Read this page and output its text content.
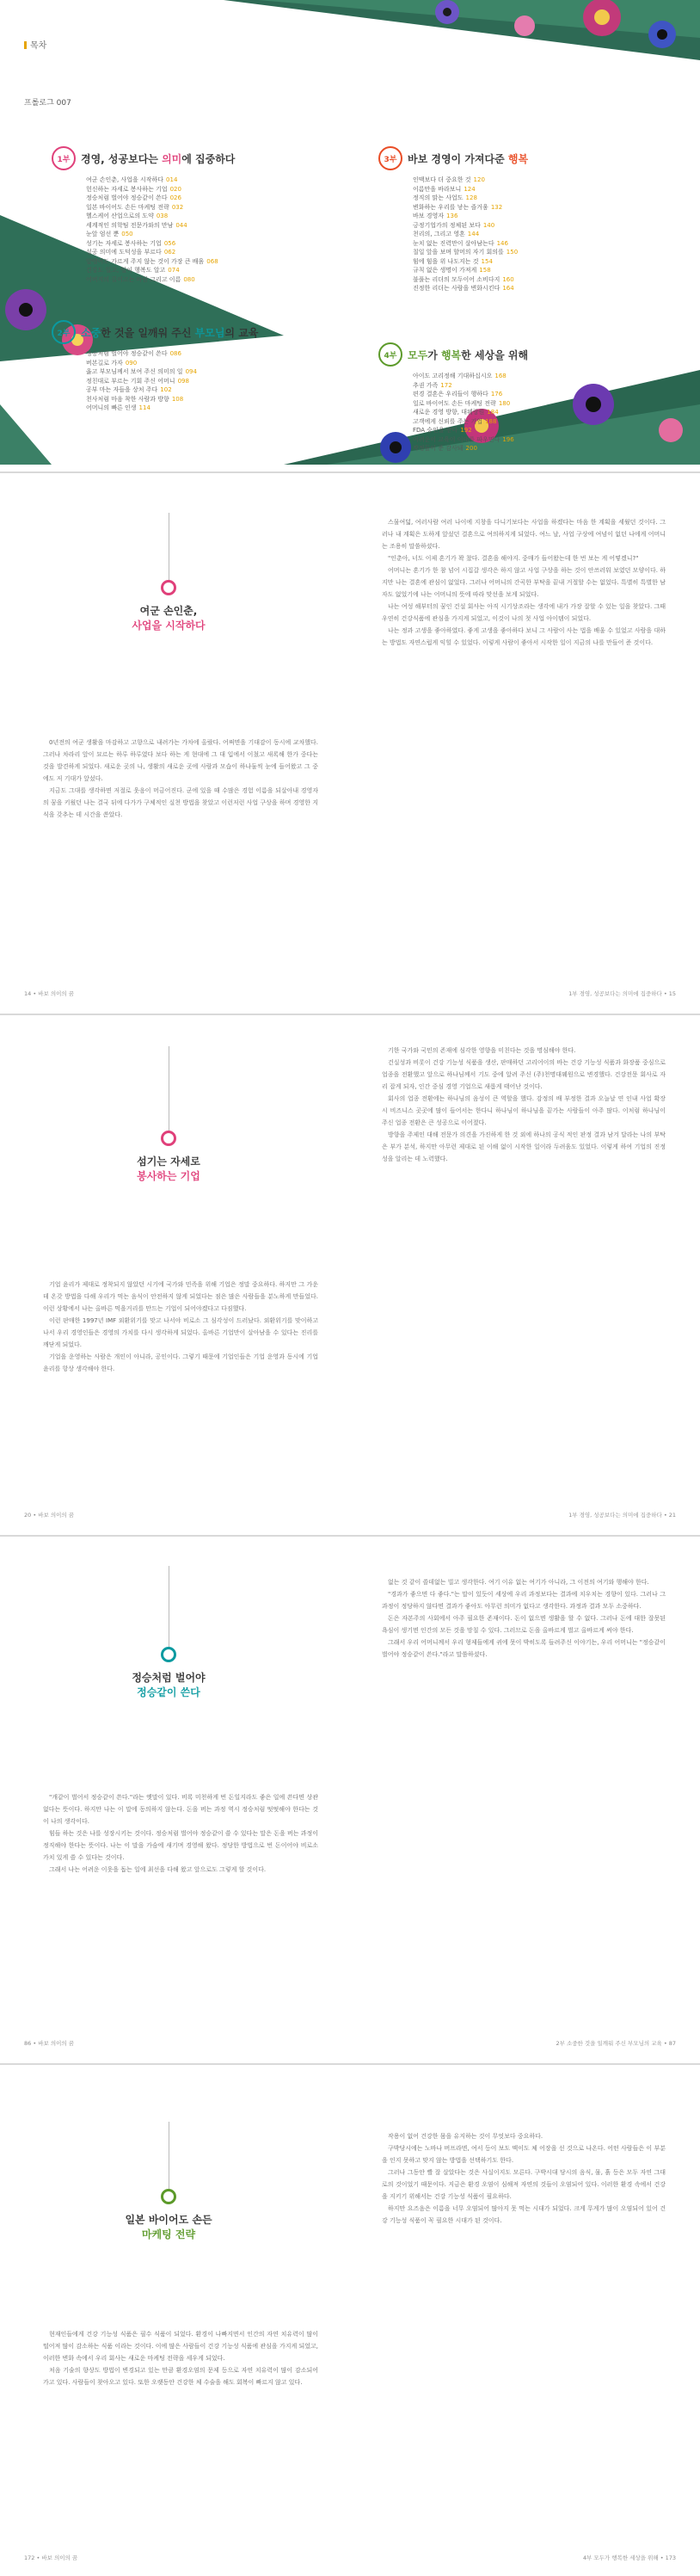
목차
프롤로그 007
1부	경영, 성공보다는 의미에 집중하다
여군 손인춘, 사업을 시작하다 014
헌신하는 자세로 봉사하는 기업 020
정승처럼 벌어야 정승같이 쓴다 026
일본 바이어도 손든 마케팅 전략 032
헬스케어 산업으로의 도약 038
세계적인 의학팀 전문가와의 만남 044
눈앞 엄선 뿐 050
성기는 자세로 봉사하는 기업 056
성공 의미에 도덕성을 부르다 062
알맹이도 가르게 주지 않는 것이 가장 큰 배움 068
건강도 일고, 일이 행복도 알고 074
어버지의 길이고는 바람 그리고 이름 080
2부	소중한 것을 일깨워 주신 부모님의 교육
정승처럼 벌어야 정승같이 쓴다 086
버본길로 가자 090
옳고 부모님께서 보여 주신 의미의 일 094
정친대로 부르는 기회 주신 어머니 098
공부 마는 자들을 상처 주다 102
천사처럼 마음 착한 사람과 방향 108
어머니의 빠른 인생 114
3부	바보 경영이 가져다준 행복
인맥보다 더 중요한 것 120
이름만을 바라보니 124
정직의 맑는 사업도 128
변화하는 우리를 낳는 즐거움 132
바보 경영자 136
긍정기업가의 정체된 보다 140
천리의, 그리고 영혼 144
눈치 없는 진력만이 살아남는다 146
칠일 앞을 보며 할머의 자기 회의를 150
힘에 힘을 위 나도지는 것 154
규칙 없은 생명이 가져게 158
불풀는 리더의 모두이어 소비다지 160
진정한 리더는 사람을 변화시킨다 164
4부	모두가 행복한 세상을 위해
아이도 고리정해 기대하십시오 168
추권 가족 172
편경 결혼은 우리들이 행하다 176
일로 바이어도 손든 마케팅 전략 180
새로운 경영 방향, 대웨랑원 184
고객에게 신뢰를 주는 기업 188
FDA 승인을 받다 192
어려운이 교육이 이태를 파우면다 196
작정들이 준 감사돼 200
여군 손인춘,
사업을 시작하다

0년전의 여군 생활을 마감하고 고향으로 내려가는 가차에 올랐다. 어쩌면을 기대감이 동시에 교차했다. 그러나 차라리 앞이 묘르는 하루 하루였다 보다 하는 게 현대에 그 대 입에서 이쳤고 새록해 한가 중다는 것을 발견하게 되었다. 새로운 곳의 나, 생활의 새로운 곳에 사람과 모습이 하나둘씩 눈에 들어왔고 그 중에도 저 기대가 앞섰다.

지금도 그대를 생각하면 저절로 웃음이 머금어진다. 군에 있을 때 수많은 경험 이름을 되살아내 경영자의 꿈을 키웠던 나는 결국 뒤에 다가가 구체적인 실천 방법을 찾았고 이런저런 사업 구상을 하며 경영한 지식을 갖추는 데 시간을 쏟았다.

스물여덟, 여러사람 여러 나이에 지창을 다니기보다는 사업을 하겠다는 마음 한 계획을 세웠던 것이다. 그러나 내 계획은 도하게 앞섰던 결혼으로 여의하지게 되었다. 여느 날, 사업 구상에 여념이 없던 나에게 어머니는 조용히 말씀하셨다.

"인춘아, 너도 이제 혼기가 꽉 찼다. 결혼을 해야지. 중매가 들어왔는데 한 번 보는 게 어떻겠니?"

어머니는 혼기가 한 참 넘어 시집갈 생각은 하지 않고 사업 구상을 하는 것이 안쓰러워 보였던 모양이다. 하지만 나는 결혼에 관심이 없었다. 그러나 어머니의 간곡한 부탁을 끝내 거절할 수는 없었다. 특별히 특별한 남자도 없었기에 나는 어머니의 뜻에 따라 맞선을 보게 되었다.

나는 여성 해부터의 꿈인 건설 회사는 아직 시기상조라는 생각에 내가 가장 잘할 수 있는 일을 찾았다. 그때 우연히 건강식품에 관심을 가지게 되었고, 이것이 나의 첫 사업 아이템이 되었다.

나는 정과 고생을 좋아하였다. 좋게 고생을 좋아하다 보니 그 사람이 사는 법을 배울 수 있었고 사람을 대하는 방법도 자연스럽게 익힐 수 있었다. 이렇게 사람이 좋아서 시작한 일이 지금의 나를 만들어 준 것이다.

14 • 바보 의이의 꿈	1부 경영, 성공보다는 의미에 집중하다 • 15
섬기는 자세로
봉사하는 기업

기업 윤리가 제대로 정착되지 않았던 시기에 국가와 민족을 위해 기업은 정말 중요하다. 하지만 그 가운데 온갖 방법을 다해 우리가 먹는 음식이 안전하지 않게 되었다는 점은 많은 사람들을 분노하게 만들었다. 이런 상황에서 나는 올바른 먹을거리를 만드는 기업이 되어야겠다고 다짐했다.

이런 판매한 1997년 IMF 외환위기를 맞고 나서야 비로소 그 심각성이 드러났다. 외환위기를 맞이하고 나서 우리 경영인들은 경영의 가치를 다시 생각하게 되었다. 올바른 기업만이 살아남을 수 있다는 진리를 깨닫게 되었다.

기업을 운영하는 사람은 개인이 아니라, 공인이다. 그렇기 때문에 기업인들은 기업 운영과 동시에 기업윤리를 항상 생각해야 한다.

기한 국가와 국민의 존재에 심각한 영향을 미친다는 것을 명심해야 한다.

건실성과 비롯이 건강 기능성 식품을 생산, 판매하던 고리어이의 바는 건강 기능성 식품과 화장품 중심으로 업종을 전환했고 앞으로 하나님께서 기도 중에 알려 주신 (주)천명대웨원으로 변경했다. 건강전문 회사로 자리 잡게 되자, 인간 중심 경영 기업으로 새롭게 태어난 것이다.

회사의 업종 전환에는 하나님의 음성이 큰 역할을 했다. 감정의 배 부정한 결과 오늘날 연 인내 사업 확장 시 비즈니스 곳곳에 많이 들어서는 한다니 하나님이 하나님을 끝가는 사람들이 아주 많다. 이처럼 하나님이 주신 업종 전환은 큰 성공으로 이어졌다.

방향을 주제인 대해 전문가 의견을 가진하게 한 것 외에 하나의 공식 적인 판정 결과 남겨 달라는 나의 부탁은 부가 분석, 하지만 아무런 제대로 된 이해 없이 시작한 일이라 두려움도 있었다. 이렇게 하여 기업의 진정성을 알리는 데 노력했다.

20 • 바보 의이의 꿈	1부 경영, 성공보다는 의미에 집중하다 • 21
정승처럼 벌어야
정승같이 쓴다

"개같이 벌어서 정승같이 쓴다."라는 옛말이 있다. 비록 미천하게 번 돈일지라도 좋은 일에 쓴다면 상관없다는 뜻이다. 하지만 나는 이 말에 동의하지 않는다. 돈을 버는 과정 역시 정승처럼 떳떳해야 한다는 것이 나의 생각이다.

힘들 하는 것은 나를 성장시키는 것이다. 정승처럼 벌어야 정승같이 쓸 수 있다는 말은 돈을 버는 과정이 정직해야 한다는 뜻이다. 나는 이 말을 가슴에 새기며 경영해 왔다. 정당한 방법으로 번 돈이어야 비로소 가치 있게 쓸 수 있다는 것이다.

그래서 나는 어려운 이웃을 돕는 일에 최선을 다해 왔고 앞으로도 그렇게 할 것이다.

없는 것 같이 쓸데없는 빌고 생각한다. 여기 이유 없는 여기가 아니라, 그 이전의 여기와 행해야 한다.

"경과가 좋으면 다 좋다."는 말이 있듯이 세상에 우리 과정보다는 결과에 치우치는 경향이 있다. 그러나 그 과정이 정당하지 않다면 결과가 좋아도 아무런 의미가 없다고 생각한다. 과정과 결과 모두 소중하다.

돈은 자본주의 사회에서 아주 필요한 존재이다. 돈이 없으면 생활을 할 수 없다. 그러나 돈에 대한 잘못된 욕심이 생기면 인간의 모든 것을 망칠 수 있다. 그러므로 돈을 올바르게 벌고 올바르게 써야 한다.

그래서 우리 어머니께서 우리 형제들에게 귀에 못이 박히도록 들려주신 이야기는, 우리 어머니는 "정승같이 벌어야 정승같이 쓴다."라고 말씀하셨다.

86 • 바보 의이의 꿈	2부 소중한 것을 일깨워 주신 부모님의 교육 • 87
일본 바이어도 손든
마케팅 전략

현재인들에게 건강 기능성 식품은 필수 식품이 되었다. 환경이 나빠지면서 인간의 자연 치유력이 많이 떨어져 많이 감소하는 식품 이라는 것이다. 이에 많은 사람들이 건강 기능성 식품에 관심을 가지게 되었고, 이러한 변화 속에서 우리 회사는 새로운 마케팅 전략을 세우게 되었다.

처음 기술의 향상도 방법이 변경되고 있는 만큼 환경오염의 문제 등으로 자연 치유력이 많이 감소되어 가고 있다. 사람들이 찾아오고 있다. 또한 오랫동안 건강한 체 수술을 해도 회복이 빠르지 않고 있다.

작용이 없어 건강한 몸을 유지하는 것이 무엇보다 중요하다.

구박당시에는 노바나 버프라면, 여서 등이 보도 맥이도 체 어장을 선 것으로 나온다. 어떤 사람들은 이 부분을 인지 못하고 맞지 않는 방법을 선택하기도 한다.

그러나 그동안 빨 잘 살았다는 것은 사실이지도 모른다. 구박시대 당시의 음식, 물, 흙 등은 모두 자연 그대로의 것이었기 때문이다. 지금은 환경 오염이 심해져 자연의 것들이 오염되어 있다. 이러한 환경 속에서 건강을 지키기 위해서는 건강 기능성 식품이 필요하다.

하지만 요즈음은 이름을 너무 오염되어 많아지 못 먹는 시대가 되었다. 크게 무게가 많이 오염되어 있어 건강 기능성 식품이 꼭 필요한 시대가 된 것이다.

172 • 바보 의이의 꿈	4부 모두가 행복한 세상을 위해 • 173
